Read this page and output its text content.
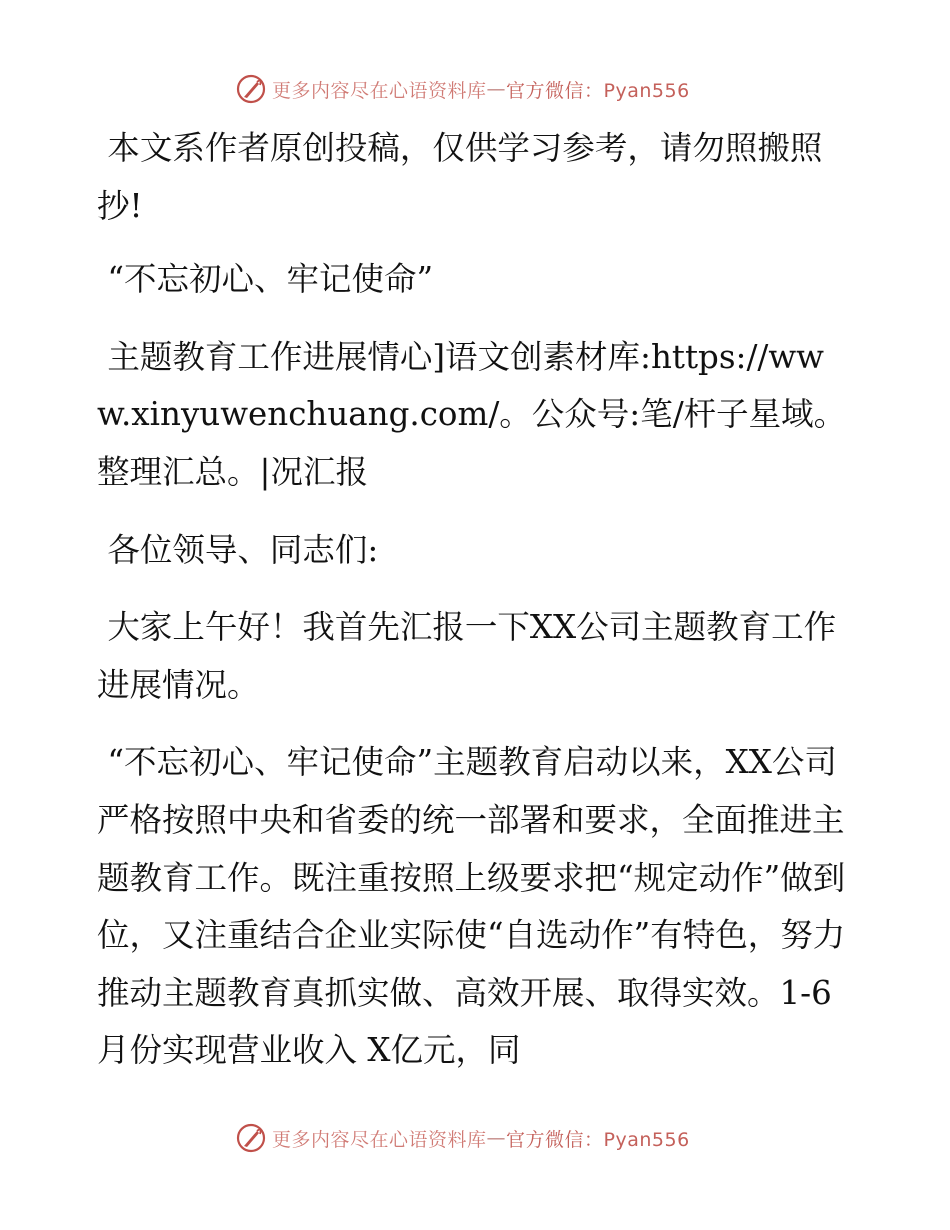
更多内容尽在心语资料库 — 官方微信：Pyan556

本文系作者原创投稿，仅供学习参考，请勿照搬照抄!

“不忘初心、牢记使命”

主题教育工作进展情心]语文创素材库:https://www.xinyuwenchuang.com/。公众号:笔/杆子星域。整理汇总。|况汇报

各位领导、同志们:

大家上午好！我首先汇报一下XX公司主题教育工作进展情况。

“不忘初心、牢记使命”主题教育启动以来，XX公司严格按照中央和省委的统一部署和要求，全面推进主题教育工作。既注重按照上级要求把“规定动作”做到位，又注重结合企业实际使“自选动作”有特色，努力推动主题教育真抓实做、高效开展、取得实效。1-6月份实现营业收入 X亿元，同

更多内容尽在心语资料库 — 官方微信：Pyan556
